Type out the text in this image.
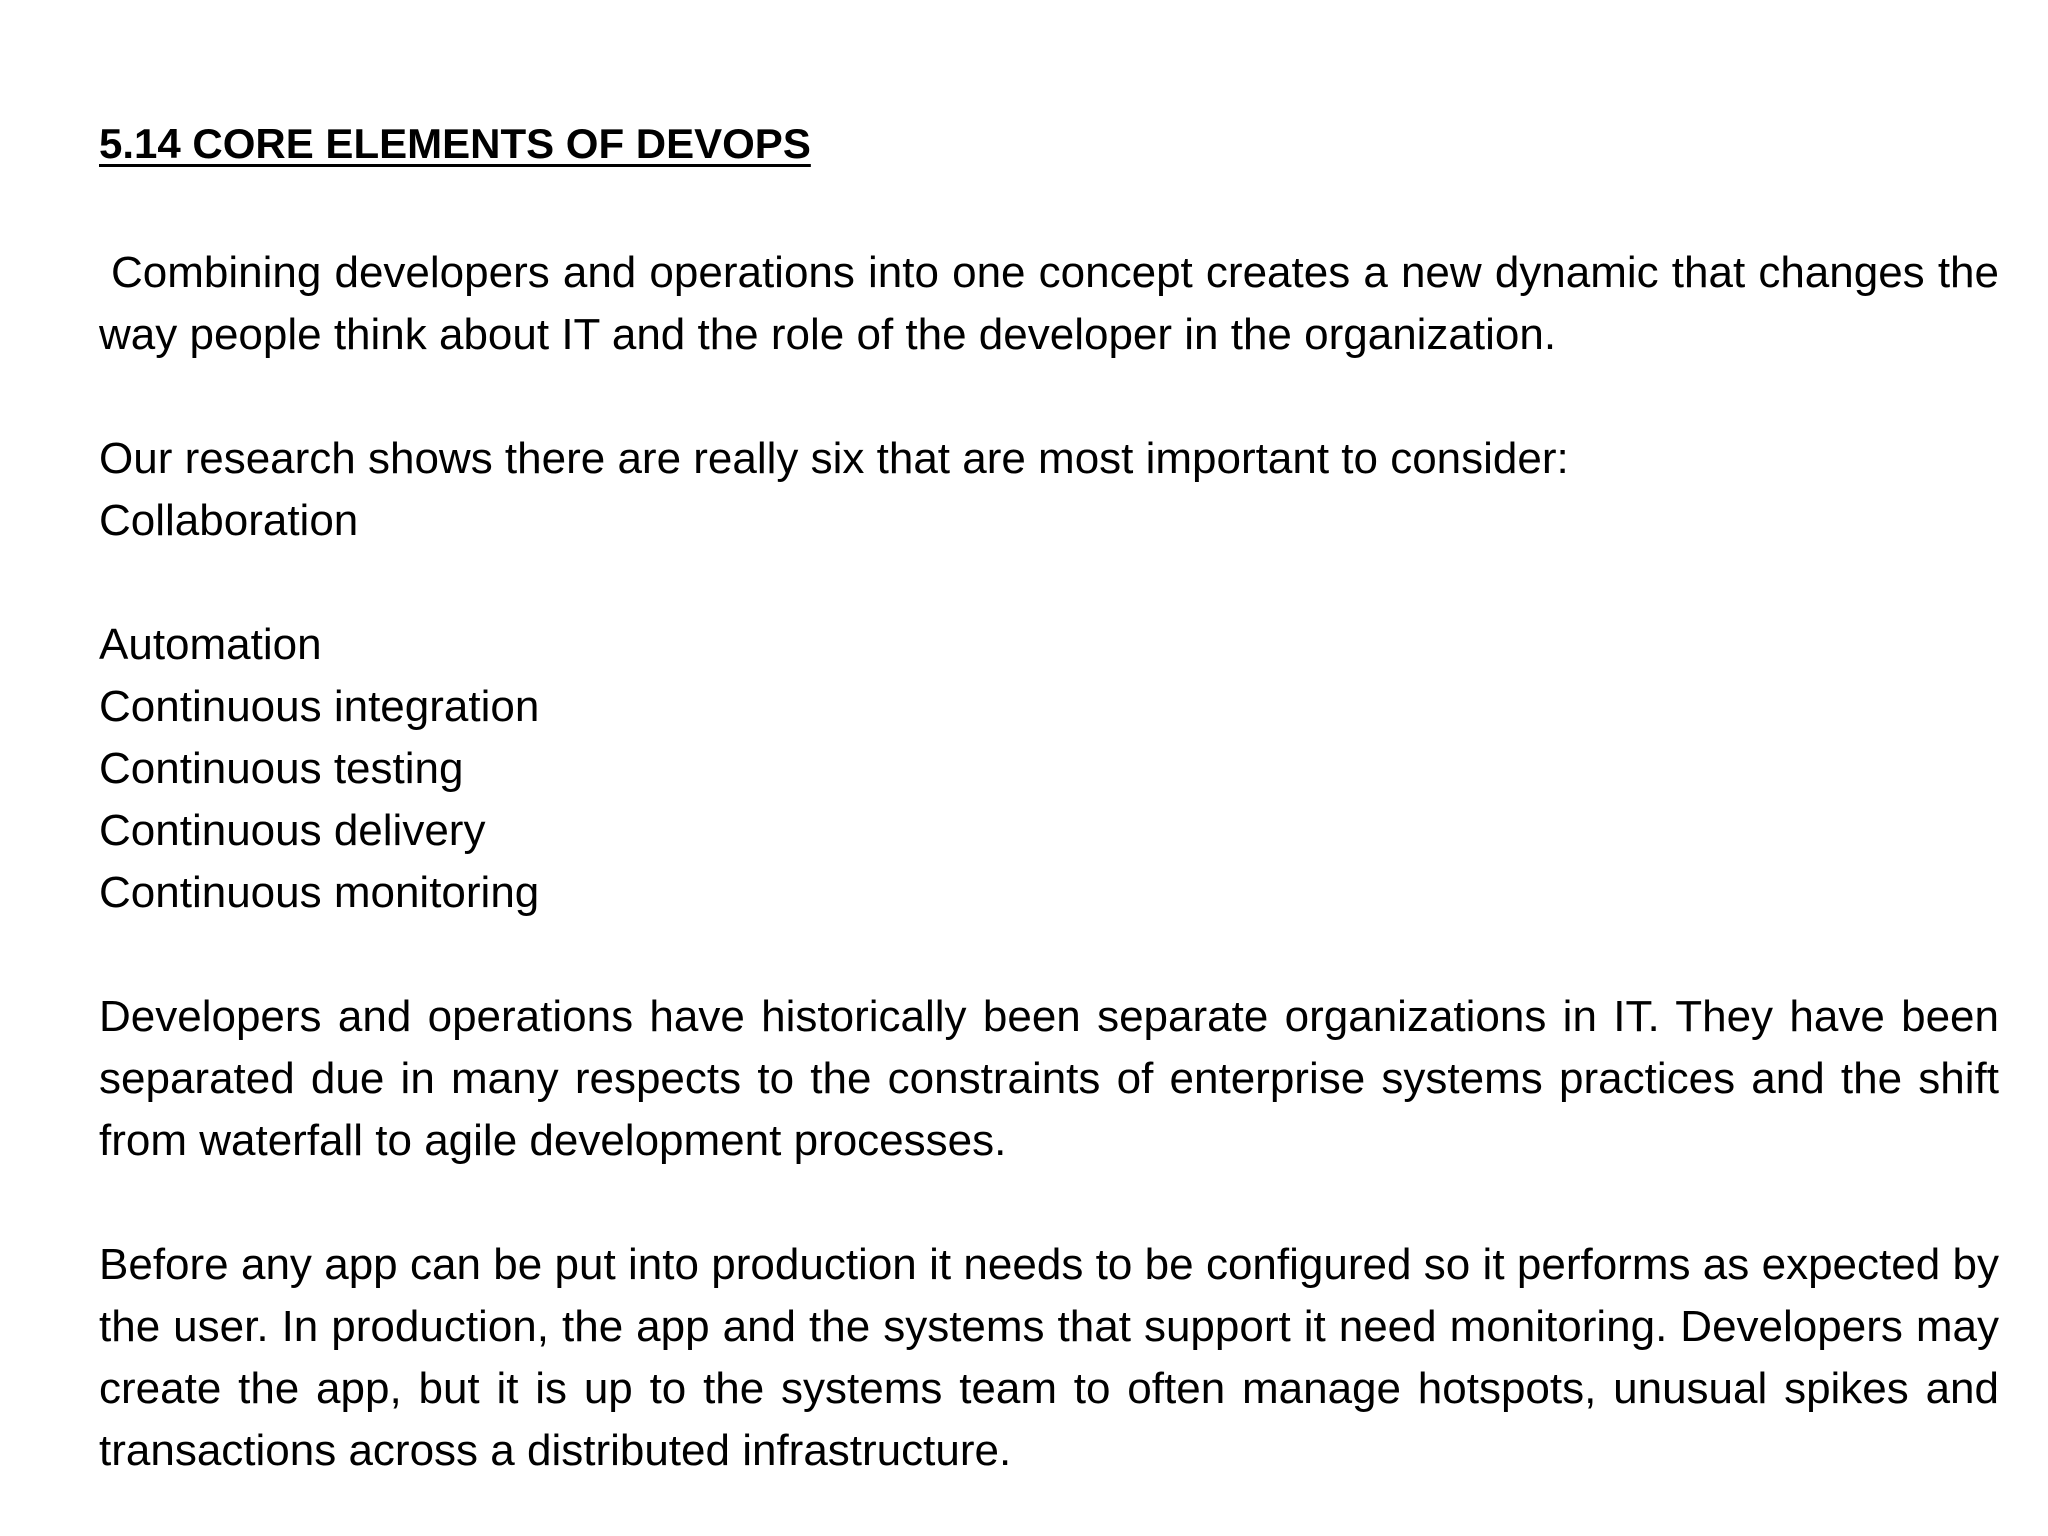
5.14 CORE ELEMENTS OF DEVOPS

Combining developers and operations into one concept creates a new dynamic that changes the way people think about IT and the role of the developer in the organization.

Our research shows there are really six that are most important to consider:

Collaboration
Automation
Continuous integration
Continuous testing
Continuous delivery
Continuous monitoring

Developers and operations have historically been separate organizations in IT. They have been separated due in many respects to the constraints of enterprise systems practices and the shift from waterfall to agile development processes.

Before any app can be put into production it needs to be configured so it performs as expected by the user. In production, the app and the systems that support it need monitoring. Developers may create the app, but it is up to the systems team to often manage hotspots, unusual spikes and transactions across a distributed infrastructure.
